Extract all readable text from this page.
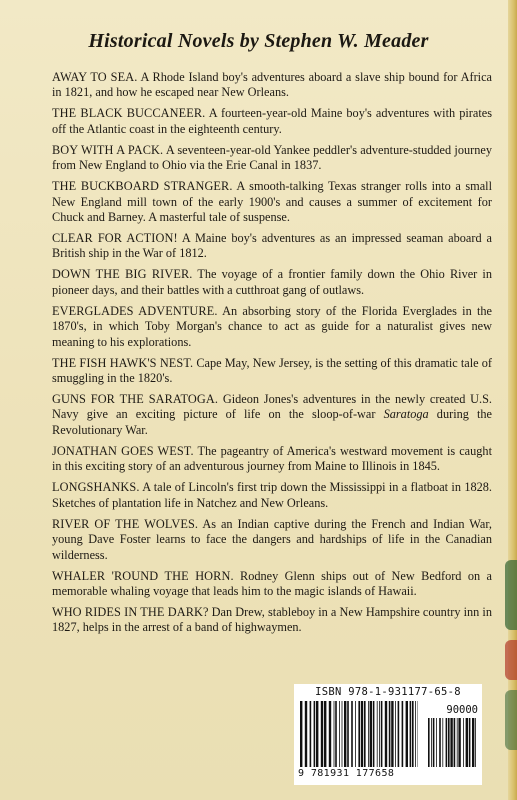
Historical Novels by Stephen W. Meader
AWAY TO SEA. A Rhode Island boy's adventures aboard a slave ship bound for Africa in 1821, and how he escaped near New Orleans.
THE BLACK BUCCANEER. A fourteen-year-old Maine boy's adventures with pirates off the Atlantic coast in the eighteenth century.
BOY WITH A PACK. A seventeen-year-old Yankee peddler's adventure-studded journey from New England to Ohio via the Erie Canal in 1837.
THE BUCKBOARD STRANGER. A smooth-talking Texas stranger rolls into a small New England mill town of the early 1900's and causes a summer of excitement for Chuck and Barney. A masterful tale of suspense.
CLEAR FOR ACTION! A Maine boy's adventures as an impressed seaman aboard a British ship in the War of 1812.
DOWN THE BIG RIVER. The voyage of a frontier family down the Ohio River in pioneer days, and their battles with a cutthroat gang of outlaws.
EVERGLADES ADVENTURE. An absorbing story of the Florida Everglades in the 1870's, in which Toby Morgan's chance to act as guide for a naturalist gives new meaning to his explorations.
THE FISH HAWK'S NEST. Cape May, New Jersey, is the setting of this dramatic tale of smuggling in the 1820's.
GUNS FOR THE SARATOGA. Gideon Jones's adventures in the newly created U.S. Navy give an exciting picture of life on the sloop-of-war Saratoga during the Revolutionary War.
JONATHAN GOES WEST. The pageantry of America's westward movement is caught in this exciting story of an adventurous journey from Maine to Illinois in 1845.
LONGSHANKS. A tale of Lincoln's first trip down the Mississippi in a flatboat in 1828. Sketches of plantation life in Natchez and New Orleans.
RIVER OF THE WOLVES. As an Indian captive during the French and Indian War, young Dave Foster learns to face the dangers and hardships of life in the Canadian wilderness.
WHALER 'ROUND THE HORN. Rodney Glenn ships out of New Bedford on a memorable whaling voyage that leads him to the magic islands of Hawaii.
WHO RIDES IN THE DARK? Dan Drew, stableboy in a New Hampshire country inn in 1827, helps in the arrest of a band of highwaymen.
ISBN 978-1-931177-65-8
90000
9 781931 177658
